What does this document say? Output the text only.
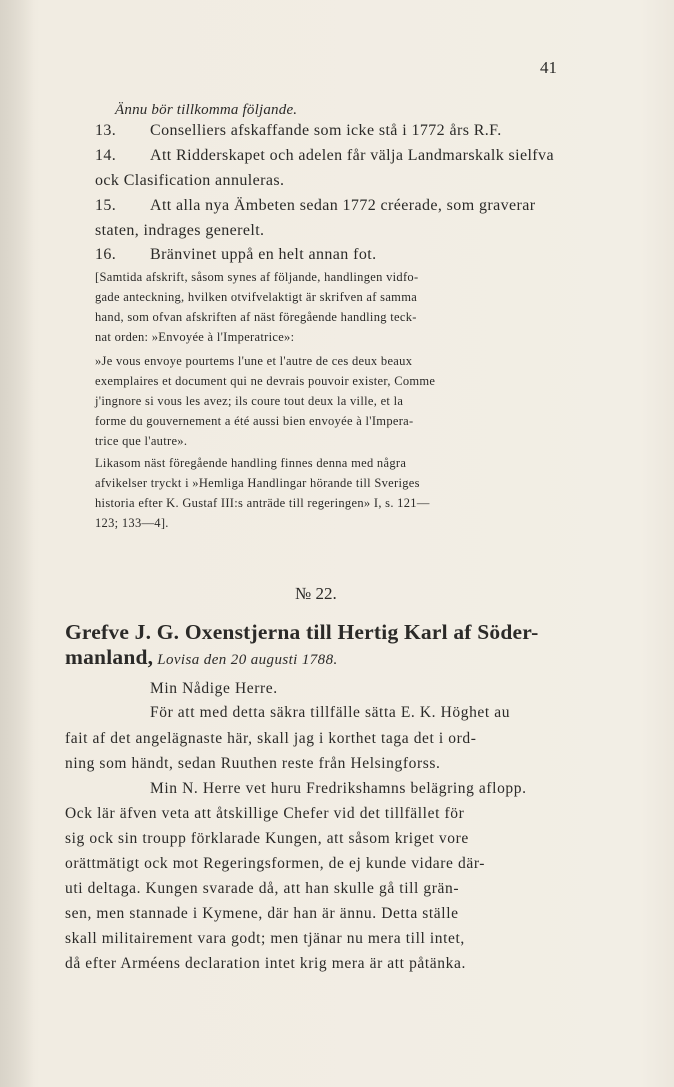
41
Ännu bör tillkomma följande.
13. Conselliers afskaffande som icke stå i 1772 års R.F.
14. Att Ridderskapet och adelen får välja Landmarskalk sielfva
ock Clasification annuleras.
15. Att alla nya Ämbeten sedan 1772 créerade, som graverar
staten, indrages generelt.
16. Bränvinet uppå en helt annan fot.
[Samtida afskrift, såsom synes af följande, handlingen vidfo-
gade anteckning, hvilken otvifvelaktigt är skrifven af samma
hand, som ofvan afskriften af näst föregående handling teck-
nat orden: »Envoyée à l'Imperatrice»:
»Je vous envoye pourtems l'une et l'autre de ces deux beaux
exemplaires et document qui ne devrais pouvoir exister, Comme
j'ingnore si vous les avez; ils coure tout deux la ville, et la
forme du gouvernement a été aussi bien envoyée à l'Impera-
trice que l'autre».
Likasom näst föregående handling finnes denna med några
afvikelser tryckt i »Hemliga Handlingar hörande till Sveriges
historia efter K. Gustaf III:s anträde till regeringen» I, s. 121—
123; 133—4].
№ 22.
Grefve J. G. Oxenstjerna till Hertig Karl af Söder-
manland, Lovisa den 20 augusti 1788.
Min Nådige Herre.
För att med detta säkra tillfälle sätta E. K. Höghet au
fait af det angelägnaste här, skall jag i korthet taga det i ord-
ning som händt, sedan Ruuthen reste från Helsingforss.
Min N. Herre vet huru Fredrikshamns belägring aflopp.
Ock lär äfven veta att åtskillige Chefer vid det tillfället för
sig ock sin troupp förklarade Kungen, att såsom kriget vore
orättmätigt ock mot Regeringsformen, de ej kunde vidare där-
uti deltaga. Kungen svarade då, att han skulle gå till grän-
sen, men stannade i Kymene, där han är ännu. Detta ställe
skall militairement vara godt; men tjänar nu mera till intet,
då efter Arméens declaration intet krig mera är att påtänka.
